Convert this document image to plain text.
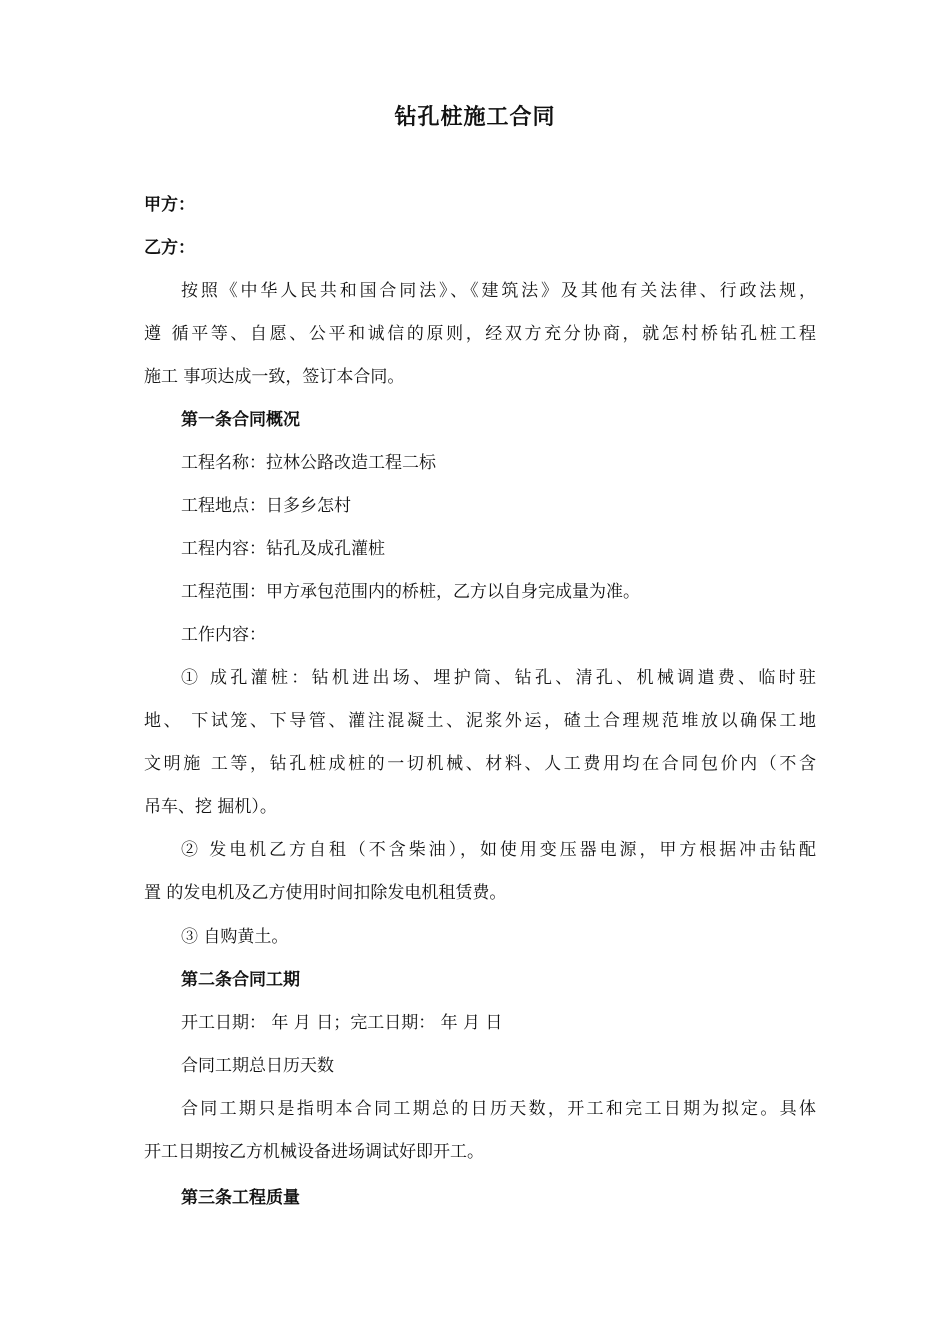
钻孔桩施工合同
甲方：
乙方：
按照《中华人民共和国合同法》、《建筑法》及其他有关法律、行政法规，
遵 循平等、自愿、公平和诚信的原则，经双方充分协商，就怎村桥钻孔桩工程
施工 事项达成一致，签订本合同。
第一条合同概况
工程名称：拉林公路改造工程二标
工程地点：日多乡怎村
工程内容：钻孔及成孔灌桩
工程范围：甲方承包范围内的桥桩，乙方以自身完成量为准。
工作内容：
① 成孔灌桩：钻机进出场、埋护筒、钻孔、清孔、机械调遣费、临时驻
地、 下试笼、下导管、灌注混凝土、泥浆外运，碴土合理规范堆放以确保工地
文明施 工等，钻孔桩成桩的一切机械、材料、人工费用均在合同包价内（不含
吊车、挖 掘机）。
② 发电机乙方自租（不含柴油），如使用变压器电源，甲方根据冲击钻配
置 的发电机及乙方使用时间扣除发电机租赁费。
③ 自购黄土。
第二条合同工期
开工日期： 年 月 日；完工日期： 年 月 日
合同工期总日历天数
合同工期只是指明本合同工期总的日历天数，开工和完工日期为拟定。具体
开工日期按乙方机械设备进场调试好即开工。
第三条工程质量
